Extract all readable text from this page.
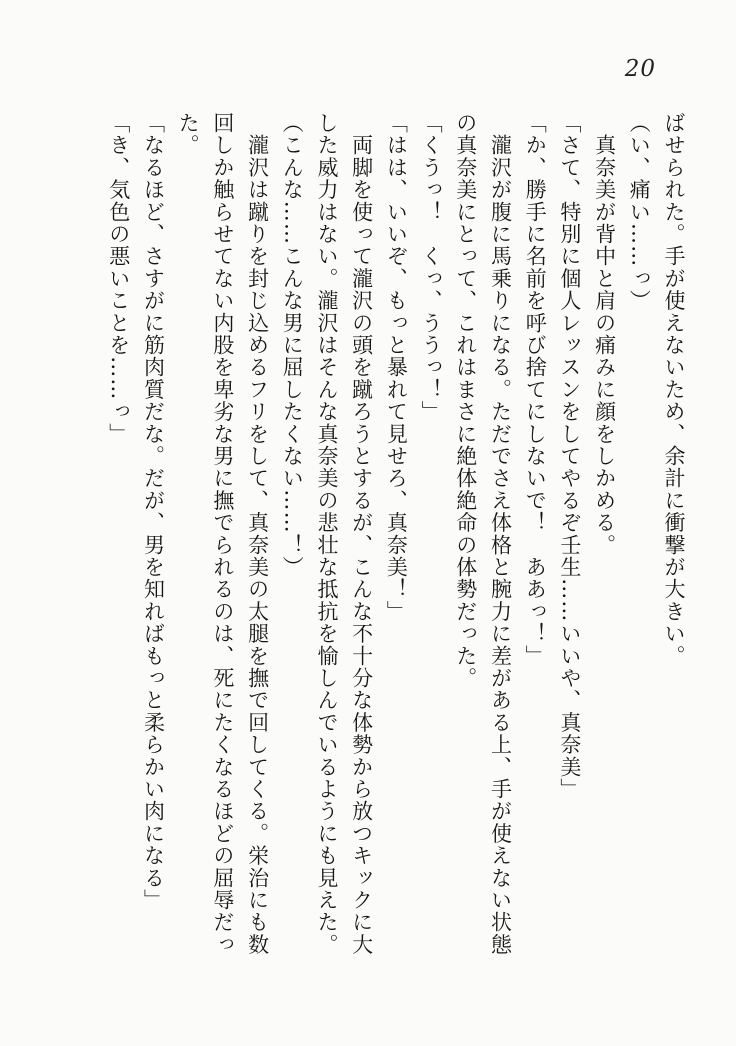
20

ばせられた。手が使えないため、余計に衝撃が大きい。

（い、痛い……っ）

　真奈美が背中と肩の痛みに顔をしかめる。

「さて、特別に個人レッスンをしてやるぞ壬生……いいや、真奈美」

「か、勝手に名前を呼び捨てにしないで！　ああっ！」

　瀧沢が腹に馬乗りになる。ただでさえ体格と腕力に差がある上、手が使えない状態

の真奈美にとって、これはまさに絶体絶命の体勢だった。

「くうっ！　くっ、ううっ！」

「はは、いいぞ、もっと暴れて見せろ、真奈美！」

　両脚を使って瀧沢の頭を蹴ろうとするが、こんな不十分な体勢から放つキックに大

した威力はない。瀧沢はそんな真奈美の悲壮な抵抗を愉しんでいるようにも見えた。

（こんな……こんな男に屈したくない……！）

　瀧沢は蹴りを封じ込めるフリをして、真奈美の太腿を撫で回してくる。栄治にも数

回しか触らせてない内股を卑劣な男に撫でられるのは、死にたくなるほどの屈辱だっ

た。

「なるほど、さすがに筋肉質だな。だが、男を知ればもっと柔らかい肉になる」

「き、気色の悪いことを……っ」
